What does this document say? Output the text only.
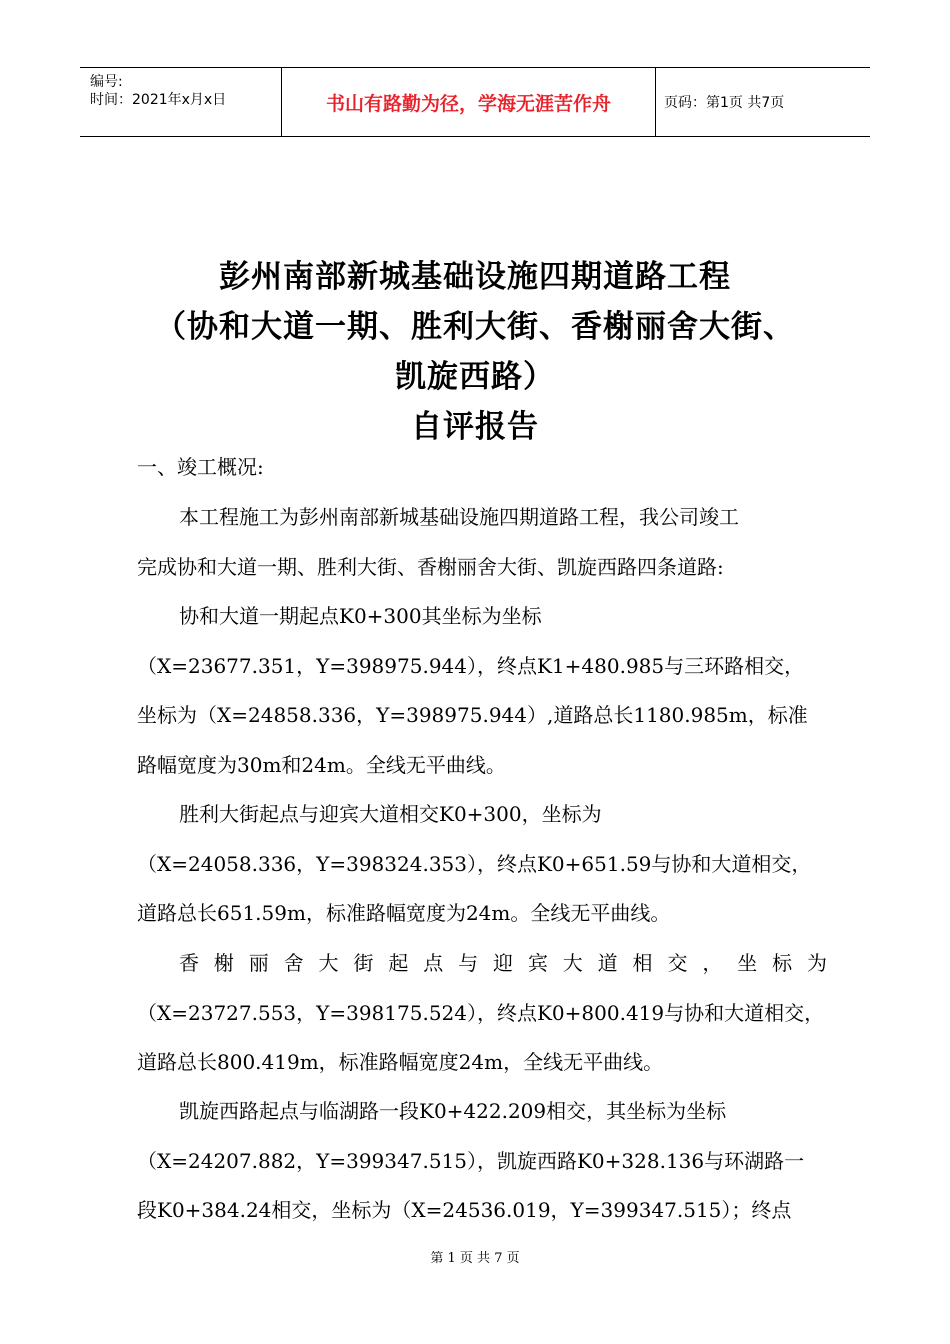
编号:
时间：2021年x月x日	书山有路勤为径，学海无涯苦作舟	页码：第1页 共7页
彭州南部新城基础设施四期道路工程
（协和大道一期、胜利大街、香榭丽舍大街、
凯旋西路）
自评报告
一、竣工概况:
本工程施工为彭州南部新城基础设施四期道路工程，我公司竣工
完成协和大道一期、胜利大街、香榭丽舍大街、凯旋西路四条道路:
协和大道一期起点K0+300其坐标为坐标
（X=23677.351，Y=398975.944），终点K1+480.985与三环路相交，
坐标为（X=24858.336，Y=398975.944）,道路总长1180.985m，标准
路幅宽度为30m和24m。全线无平曲线。
胜利大街起点与迎宾大道相交K0+300，坐标为
（X=24058.336，Y=398324.353），终点K0+651.59与协和大道相交，
道路总长651.59m，标准路幅宽度为24m。全线无平曲线。
香榭丽舍大街起点与迎宾大道相交，坐标为
（X=23727.553，Y=398175.524），终点K0+800.419与协和大道相交，
道路总长800.419m，标准路幅宽度24m，全线无平曲线。
凯旋西路起点与临湖路一段K0+422.209相交，其坐标为坐标
（X=24207.882，Y=399347.515），凯旋西路K0+328.136与环湖路一
段K0+384.24相交，坐标为（X=24536.019，Y=399347.515）；终点
第 1 页 共 7 页
